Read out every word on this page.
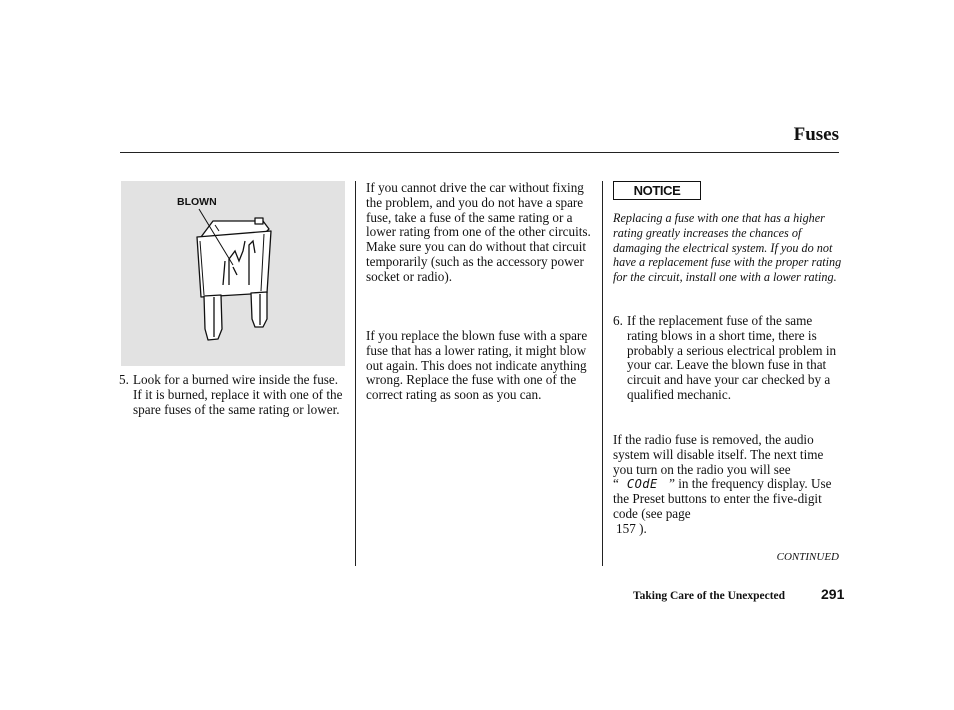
Fuses
BLOWN
5. Look for a burned wire inside the fuse. If it is burned, replace it with one of the spare fuses of the same rating or lower.

If you cannot drive the car without fixing the problem, and you do not have a spare fuse, take a fuse of the same rating or a lower rating from one of the other circuits. Make sure you can do without that circuit temporarily (such as the accessory power socket or radio).

If you replace the blown fuse with a spare fuse that has a lower rating, it might blow out again. This does not indicate anything wrong. Replace the fuse with one of the correct rating as soon as you can.

NOTICE

Replacing a fuse with one that has a higher rating greatly increases the chances of damaging the electrical system. If you do not have a replacement fuse with the proper rating for the circuit, install one with a lower rating.

6. If the replacement fuse of the same rating blows in a short time, there is probably a serious electrical problem in your car. Leave the blown fuse in that circuit and have your car checked by a qualified mechanic.

If the radio fuse is removed, the audio system will disable itself. The next time you turn on the radio you will see “ COdE ” in the frequency display. Use the Preset buttons to enter the five-digit code (see page
157 ).

CONTINUED
Taking Care of the Unexpected	291
